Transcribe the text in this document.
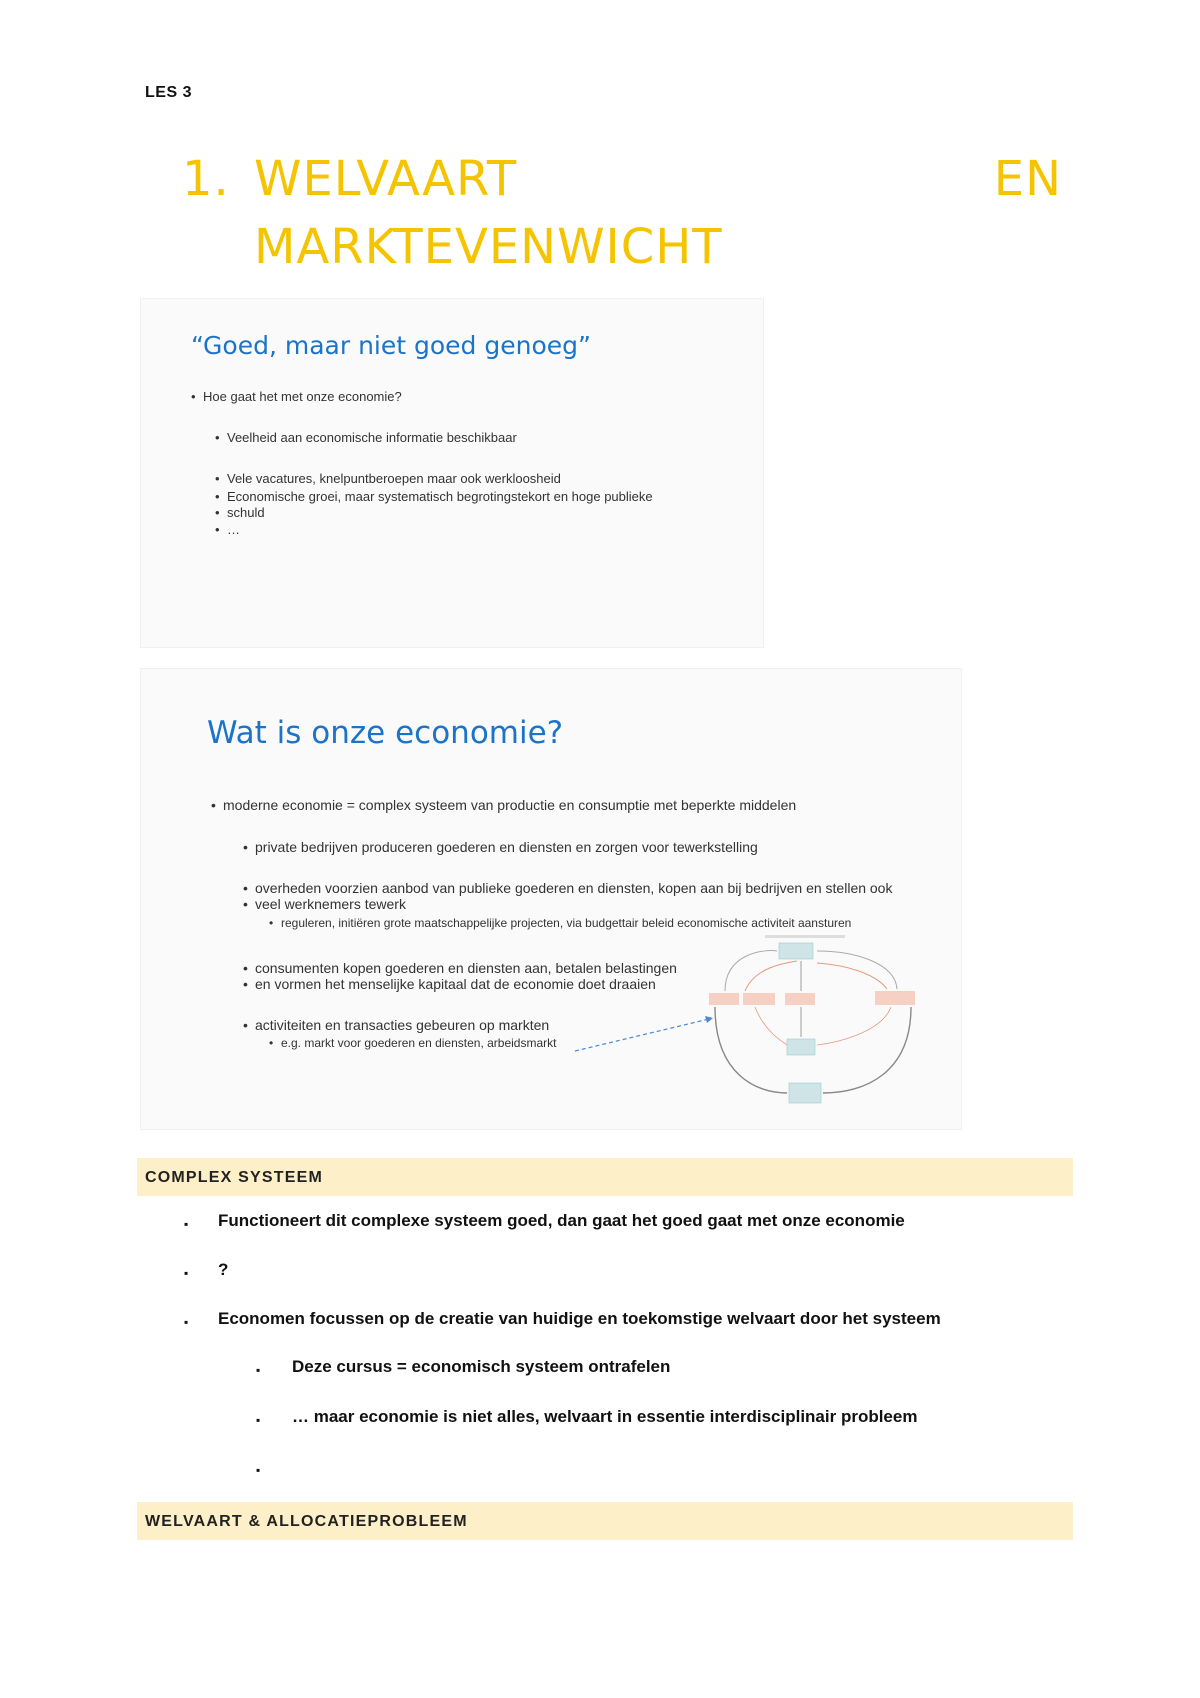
LES 3
1. WELVAART	EN
MARKTEVENWICHT
“Goed, maar niet goed genoeg”
• Hoe gaat het met onze economie?
• Veelheid aan economische informatie beschikbaar
• Vele vacatures, knelpuntberoepen maar ook werkloosheid
• Economische groei, maar systematisch begrotingstekort en hoge publieke
• schuld
• …
Wat is onze economie?
• moderne economie = complex systeem van productie en consumptie met beperkte middelen
• private bedrijven produceren goederen en diensten en zorgen voor tewerkstelling
• overheden voorzien aanbod van publieke goederen en diensten, kopen aan bij bedrijven en stellen ook
• veel werknemers tewerk
• reguleren, initiëren grote maatschappelijke projecten, via budgettair beleid economische activiteit aansturen
• consumenten kopen goederen en diensten aan, betalen belastingen
• en vormen het menselijke kapitaal dat de economie doet draaien
• activiteiten en transacties gebeuren op markten
• e.g. markt voor goederen en diensten, arbeidsmarkt
COMPLEX SYSTEEM
▪ Functioneert dit complexe systeem goed, dan gaat het goed gaat met onze economie
▪ ?
▪ Economen focussen op de creatie van huidige en toekomstige welvaart door het systeem
▪ Deze cursus = economisch systeem ontrafelen
▪ … maar economie is niet alles, welvaart in essentie interdisciplinair probleem
▪
WELVAART & ALLOCATIEPROBLEEM
